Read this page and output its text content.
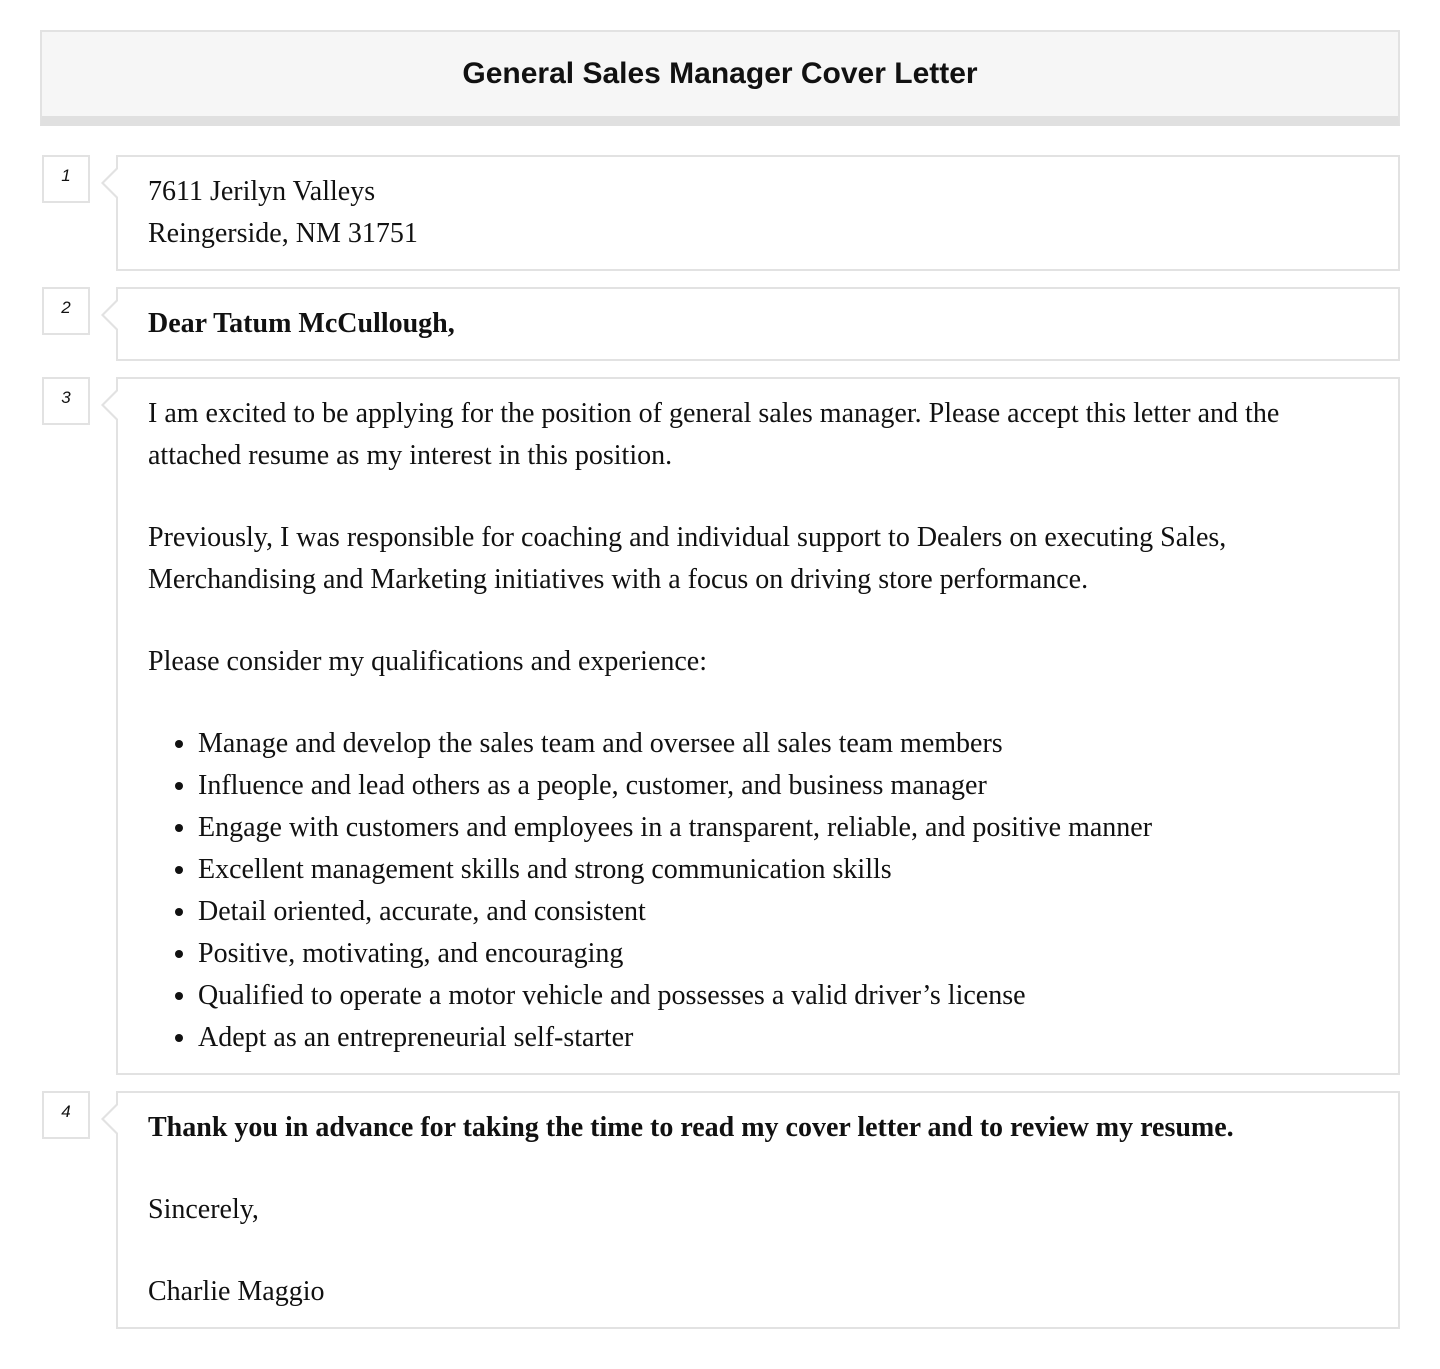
General Sales Manager Cover Letter
1

7611 Jerilyn Valleys

Reingerside, NM 31751

2

Dear Tatum McCullough,

3

I am excited to be applying for the position of general sales manager. Please accept this letter and the attached resume as my interest in this position.

Previously, I was responsible for coaching and individual support to Dealers on executing Sales, Merchandising and Marketing initiatives with a focus on driving store performance.

Please consider my qualifications and experience:

• Manage and develop the sales team and oversee all sales team members
• Influence and lead others as a people, customer, and business manager
• Engage with customers and employees in a transparent, reliable, and positive manner
• Excellent management skills and strong communication skills
• Detail oriented, accurate, and consistent
• Positive, motivating, and encouraging
• Qualified to operate a motor vehicle and possesses a valid driver’s license
• Adept as an entrepreneurial self-starter
4

Thank you in advance for taking the time to read my cover letter and to review my resume.

Sincerely,

Charlie Maggio
